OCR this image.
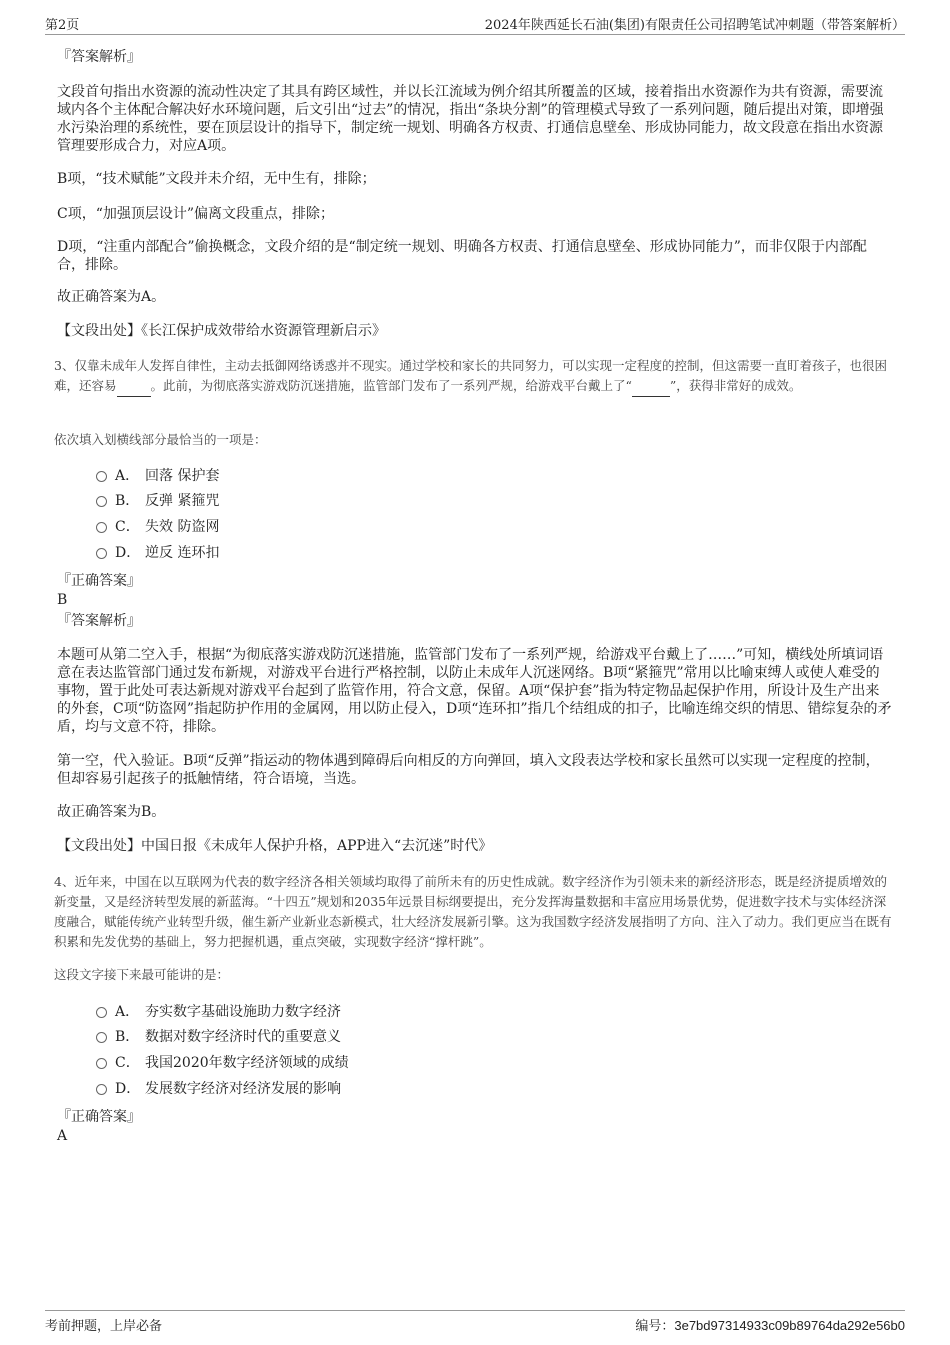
第2页	2024年陕西延长石油(集团)有限责任公司招聘笔试冲刺题（带答案解析）
『答案解析』

文段首句指出水资源的流动性决定了其具有跨区域性，并以长江流域为例介绍其所覆盖的区域，接着指出水资源作为共有资源，需要流域内各个主体配合解决好水环境问题，后文引出“过去”的情况，指出“条块分割”的管理模式导致了一系列问题，随后提出对策，即增强水污染治理的系统性，要在顶层设计的指导下，制定统一规划、明确各方权责、打通信息壁垒、形成协同能力，故文段意在指出水资源管理要形成合力，对应A项。

B项，“技术赋能”文段并未介绍，无中生有，排除；
C项，“加强顶层设计”偏离文段重点，排除；
D项，“注重内部配合”偷换概念，文段介绍的是“制定统一规划、明确各方权责、打通信息壁垒、形成协同能力”，而非仅限于内部配合，排除。
故正确答案为A。
【文段出处】《长江保护成效带给水资源管理新启示》

3、仅靠未成年人发挥自律性，主动去抵御网络诱惑并不现实。通过学校和家长的共同努力，可以实现一定程度的控制，但这需要一直盯着孩子，也很困难，还容易	。此前，为彻底落实游戏防沉迷措施，监管部门发布了一系列严规，给游戏平台戴上了“	”，获得非常好的成效。

依次填入划横线部分最恰当的一项是：
A． 回落 保护套
B． 反弹 紧箍咒
C． 失效 防盗网
D． 逆反 连环扣
『正确答案』
B
『答案解析』
本题可从第二空入手，根据“为彻底落实游戏防沉迷措施，监管部门发布了一系列严规，给游戏平台戴上了……”可知，横线处所填词语意在表达监管部门通过发布新规，对游戏平台进行严格控制，以防止未成年人沉迷网络。B项“紧箍咒”常用以比喻束缚人或使人难受的事物，置于此处可表达新规对游戏平台起到了监管作用，符合文意，保留。A项“保护套”指为特定物品起保护作用，所设计及生产出来的外套，C项“防盗网”指起防护作用的金属网，用以防止侵入，D项“连环扣”指几个结组成的扣子，比喻连绵交织的情思、错综复杂的矛盾，均与文意不符，排除。
第一空，代入验证。B项“反弹”指运动的物体遇到障碍后向相反的方向弹回，填入文段表达学校和家长虽然可以实现一定程度的控制，但却容易引起孩子的抵触情绪，符合语境，当选。
故正确答案为B。
【文段出处】中国日报《未成年人保护升格，APP进入“去沉迷”时代》
4、近年来，中国在以互联网为代表的数字经济各相关领域均取得了前所未有的历史性成就。数字经济作为引领未来的新经济形态，既是经济提质增效的新变量，又是经济转型发展的新蓝海。“十四五”规划和2035年远景目标纲要提出，充分发挥海量数据和丰富应用场景优势，促进数字技术与实体经济深度融合，赋能传统产业转型升级，催生新产业新业态新模式，壮大经济发展新引擎。这为我国数字经济发展指明了方向、注入了动力。我们更应当在既有积累和先发优势的基础上，努力把握机遇，重点突破，实现数字经济“撑杆跳”。
这段文字接下来最可能讲的是：
A． 夯实数字基础设施助力数字经济
B． 数据对数字经济时代的重要意义
C． 我国2020年数字经济领域的成绩
D． 发展数字经济对经济发展的影响
『正确答案』
A
考前押题，上岸必备	编号：3e7bd97314933c09b89764da292e56b0
